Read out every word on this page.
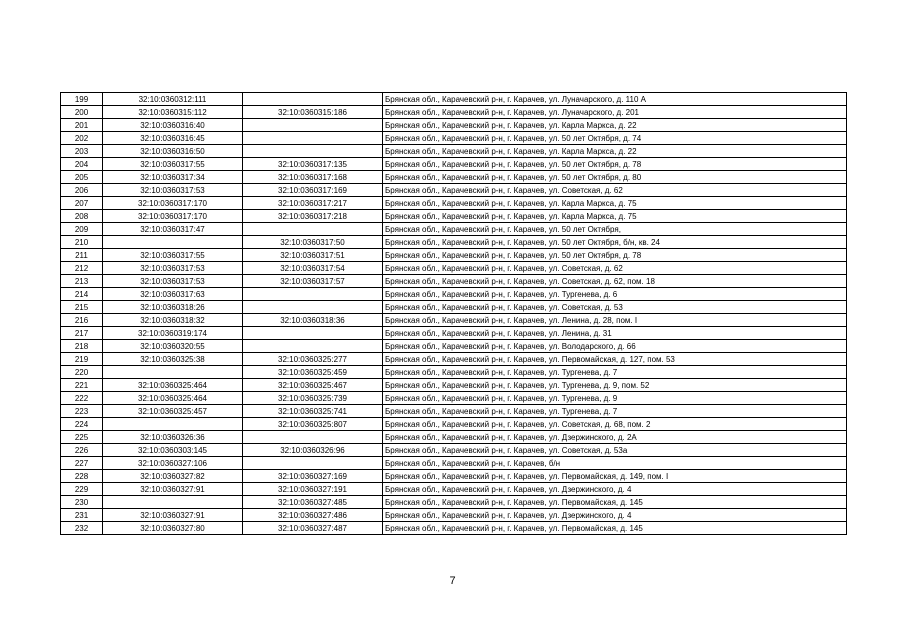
199	32:10:0360312:111		Брянская обл., Карачевский р-н, г. Карачев, ул. Луначарского, д. 110 А
200	32:10:0360315:112	32:10:0360315:186	Брянская обл., Карачевский р-н, г. Карачев, ул. Луначарского, д. 201
201	32:10:0360316:40		Брянская обл., Карачевский р-н, г. Карачев, ул. Карла Маркса, д. 22
202	32:10:0360316:45		Брянская обл., Карачевский р-н, г. Карачев, ул. 50 лет Октября, д. 74
203	32:10:0360316:50		Брянская обл., Карачевский р-н, г. Карачев, ул. Карла Маркса, д. 22
204	32:10:0360317:55	32:10:0360317:135	Брянская обл., Карачевский р-н, г. Карачев, ул. 50 лет Октября, д. 78
205	32:10:0360317:34	32:10:0360317:168	Брянская обл., Карачевский р-н, г. Карачев, ул. 50 лет Октября, д. 80
206	32:10:0360317:53	32:10:0360317:169	Брянская обл., Карачевский р-н, г. Карачев, ул. Советская, д. 62
207	32:10:0360317:170	32:10:0360317:217	Брянская обл., Карачевский р-н, г. Карачев, ул. Карла Маркса, д. 75
208	32:10:0360317:170	32:10:0360317:218	Брянская обл., Карачевский р-н, г. Карачев, ул. Карла Маркса, д. 75
209	32:10:0360317:47		Брянская обл., Карачевский р-н, г. Карачев, ул. 50 лет Октября,
210		32:10:0360317:50	Брянская обл., Карачевский р-н, г. Карачев, ул. 50 лет Октября, б/н, кв. 24
211	32:10:0360317:55	32:10:0360317:51	Брянская обл., Карачевский р-н, г. Карачев, ул. 50 лет Октября, д. 78
212	32:10:0360317:53	32:10:0360317:54	Брянская обл., Карачевский р-н, г. Карачев, ул. Советская, д. 62
213	32:10:0360317:53	32:10:0360317:57	Брянская обл., Карачевский р-н, г. Карачев, ул. Советская, д. 62, пом. 18
214	32:10:0360317:63		Брянская обл., Карачевский р-н, г. Карачев, ул. Тургенева, д. 6
215	32:10:0360318:26		Брянская обл., Карачевский р-н, г. Карачев, ул. Советская, д. 53
216	32:10:0360318:32	32:10:0360318:36	Брянская обл., Карачевский р-н, г. Карачев, ул. Ленина, д. 28, пом. I
217	32:10:0360319:174		Брянская обл., Карачевский р-н, г. Карачев, ул. Ленина, д. 31
218	32:10:0360320:55		Брянская обл., Карачевский р-н, г. Карачев, ул. Володарского, д. 66
219	32:10:0360325:38	32:10:0360325:277	Брянская обл., Карачевский р-н, г. Карачев, ул. Первомайская, д. 127, пом. 53
220		32:10:0360325:459	Брянская обл., Карачевский р-н, г. Карачев, ул. Тургенева, д. 7
221	32:10:0360325:464	32:10:0360325:467	Брянская обл., Карачевский р-н, г. Карачев, ул. Тургенева, д. 9, пом. 52
222	32:10:0360325:464	32:10:0360325:739	Брянская обл., Карачевский р-н, г. Карачев, ул. Тургенева, д. 9
223	32:10:0360325:457	32:10:0360325:741	Брянская обл., Карачевский р-н, г. Карачев, ул. Тургенева, д. 7
224		32:10:0360325:807	Брянская обл., Карачевский р-н, г. Карачев, ул. Советская, д. 68, пом. 2
225	32:10:0360326:36		Брянская обл., Карачевский р-н, г. Карачев, ул. Дзержинского, д. 2А
226	32:10:0360303:145	32:10:0360326:96	Брянская обл., Карачевский р-н, г. Карачев, ул. Советская, д. 53а
227	32:10:0360327:106		Брянская обл., Карачевский р-н, г. Карачев, б/н
228	32:10:0360327:82	32:10:0360327:169	Брянская обл., Карачевский р-н, г. Карачев, ул. Первомайская, д. 149, пом. I
229	32:10:0360327:91	32:10:0360327:191	Брянская обл., Карачевский р-н, г. Карачев, ул. Дзержинского, д. 4
230		32:10:0360327:485	Брянская обл., Карачевский р-н, г. Карачев, ул. Первомайская, д. 145
231	32:10:0360327:91	32:10:0360327:486	Брянская обл., Карачевский р-н, г. Карачев, ул. Дзержинского, д. 4
232	32:10:0360327:80	32:10:0360327:487	Брянская обл., Карачевский р-н, г. Карачев, ул. Первомайская, д. 145
7
